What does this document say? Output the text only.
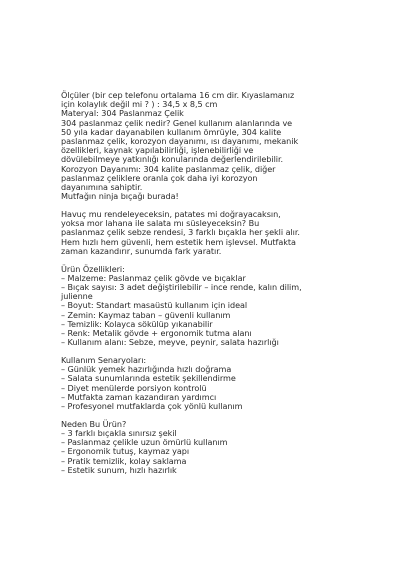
Ölçüler (bir cep telefonu ortalama 16 cm dir. Kıyaslamanız
için kolaylık değil mi ? ) : 34,5 x 8,5 cm
Materyal: 304 Paslanmaz Çelik
304 paslanmaz çelik nedir? Genel kullanım alanlarında ve
50 yıla kadar dayanabilen kullanım ömrüyle, 304 kalite
paslanmaz çelik, korozyon dayanımı, ısı dayanımı, mekanik
özellikleri, kaynak yapılabilirliği, işlenebilirliği ve
dövülebilmeye yatkınlığı konularında değerlendirilebilir.
Korozyon Dayanımı: 304 kalite paslanmaz çelik, diğer
paslanmaz çeliklere oranla çok daha iyi korozyon
dayanımına sahiptir.
Mutfağın ninja bıçağı burada!
Havuç mu rendeleyeceksin, patates mi doğrayacaksın,
yoksa mor lahana ile salata mı süsleyeceksin? Bu
paslanmaz çelik sebze rendesi, 3 farklı bıçakla her şekli alır.
Hem hızlı hem güvenli, hem estetik hem işlevsel. Mutfakta
zaman kazandırır, sunumda fark yaratır.
Ürün Özellikleri:
– Malzeme: Paslanmaz çelik gövde ve bıçaklar
– Bıçak sayısı: 3 adet değiştirilebilir – ince rende, kalın dilim,
julienne
– Boyut: Standart masaüstü kullanım için ideal
– Zemin: Kaymaz taban – güvenli kullanım
– Temizlik: Kolayca sökülüp yıkanabilir
– Renk: Metalik gövde + ergonomik tutma alanı
– Kullanım alanı: Sebze, meyve, peynir, salata hazırlığı
Kullanım Senaryoları:
– Günlük yemek hazırlığında hızlı doğrama
– Salata sunumlarında estetik şekillendirme
– Diyet menülerde porsiyon kontrolü
– Mutfakta zaman kazandıran yardımcı
– Profesyonel mutfaklarda çok yönlü kullanım
Neden Bu Ürün?
– 3 farklı bıçakla sınırsız şekil
– Paslanmaz çelikle uzun ömürlü kullanım
– Ergonomik tutuş, kaymaz yapı
– Pratik temizlik, kolay saklama
– Estetik sunum, hızlı hazırlık
